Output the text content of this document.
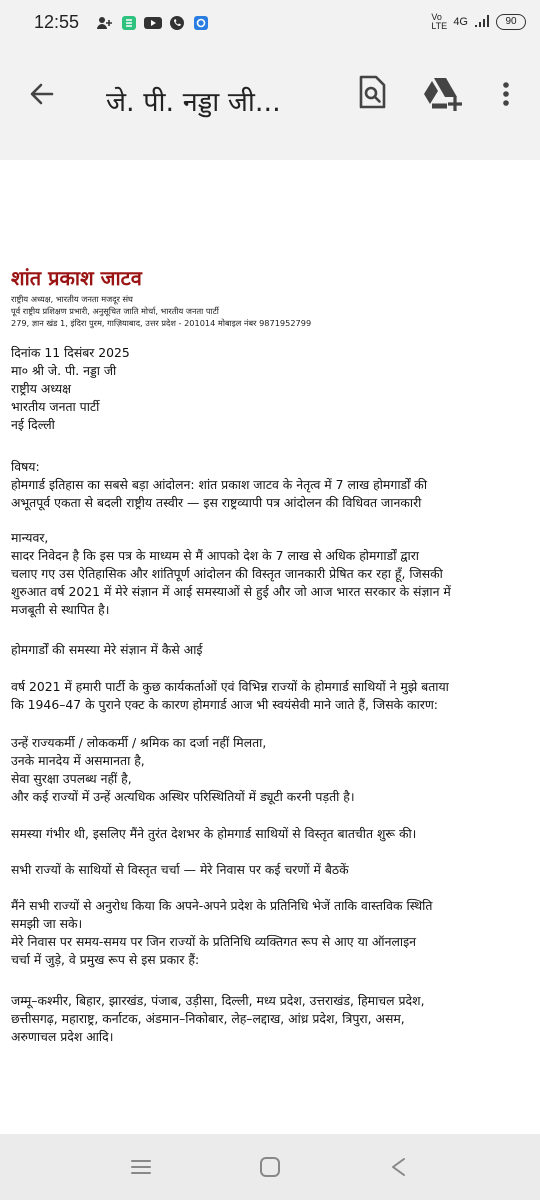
12:55	Vo LTE 4G	90
जे. पी. नड्डा जी...
शांत प्रकाश जाटव
राष्ट्रीय अध्यक्ष, भारतीय जनता मजदूर संघ
पूर्व राष्ट्रीय प्रशिक्षण प्रभारी, अनुसूचित जाति मोर्चा, भारतीय जनता पार्टी
279, ज्ञान खंड 1, इंदिरा पुरम, गाज़ियाबाद, उत्तर प्रदेश - 201014 मोबाइल नंबर 9871952799
दिनांक 11 दिसंबर 2025
मा० श्री जे. पी. नड्डा जी
राष्ट्रीय अध्यक्ष
भारतीय जनता पार्टी
नई दिल्ली
विषय:
होमगार्ड इतिहास का सबसे बड़ा आंदोलन: शांत प्रकाश जाटव के नेतृत्व में 7 लाख होमगार्डों की
अभूतपूर्व एकता से बदली राष्ट्रीय तस्वीर — इस राष्ट्रव्यापी पत्र आंदोलन की विधिवत जानकारी
मान्यवर,
सादर निवेदन है कि इस पत्र के माध्यम से मैं आपको देश के 7 लाख से अधिक होमगार्डों द्वारा
चलाए गए उस ऐतिहासिक और शांतिपूर्ण आंदोलन की विस्तृत जानकारी प्रेषित कर रहा हूँ, जिसकी
शुरुआत वर्ष 2021 में मेरे संज्ञान में आई समस्याओं से हुई और जो आज भारत सरकार के संज्ञान में
मजबूती से स्थापित है।
होमगार्डों की समस्या मेरे संज्ञान में कैसे आई
वर्ष 2021 में हमारी पार्टी के कुछ कार्यकर्ताओं एवं विभिन्न राज्यों के होमगार्ड साथियों ने मुझे बताया
कि 1946–47 के पुराने एक्ट के कारण होमगार्ड आज भी स्वयंसेवी माने जाते हैं, जिसके कारण:
उन्हें राज्यकर्मी / लोककर्मी / श्रमिक का दर्जा नहीं मिलता,
उनके मानदेय में असमानता है,
सेवा सुरक्षा उपलब्ध नहीं है,
और कई राज्यों में उन्हें अत्यधिक अस्थिर परिस्थितियों में ड्यूटी करनी पड़ती है।
समस्या गंभीर थी, इसलिए मैंने तुरंत देशभर के होमगार्ड साथियों से विस्तृत बातचीत शुरू की।
सभी राज्यों के साथियों से विस्तृत चर्चा — मेरे निवास पर कई चरणों में बैठकें
मैंने सभी राज्यों से अनुरोध किया कि अपने-अपने प्रदेश के प्रतिनिधि भेजें ताकि वास्तविक स्थिति
समझी जा सके।
मेरे निवास पर समय-समय पर जिन राज्यों के प्रतिनिधि व्यक्तिगत रूप से आए या ऑनलाइन
चर्चा में जुड़े, वे प्रमुख रूप से इस प्रकार हैं:
जम्मू–कश्मीर, बिहार, झारखंड, पंजाब, उड़ीसा, दिल्ली, मध्य प्रदेश, उत्तराखंड, हिमाचल प्रदेश,
छत्तीसगढ़, महाराष्ट्र, कर्नाटक, अंडमान–निकोबार, लेह–लद्दाख, आंध्र प्रदेश, त्रिपुरा, असम,
अरुणाचल प्रदेश आदि।
